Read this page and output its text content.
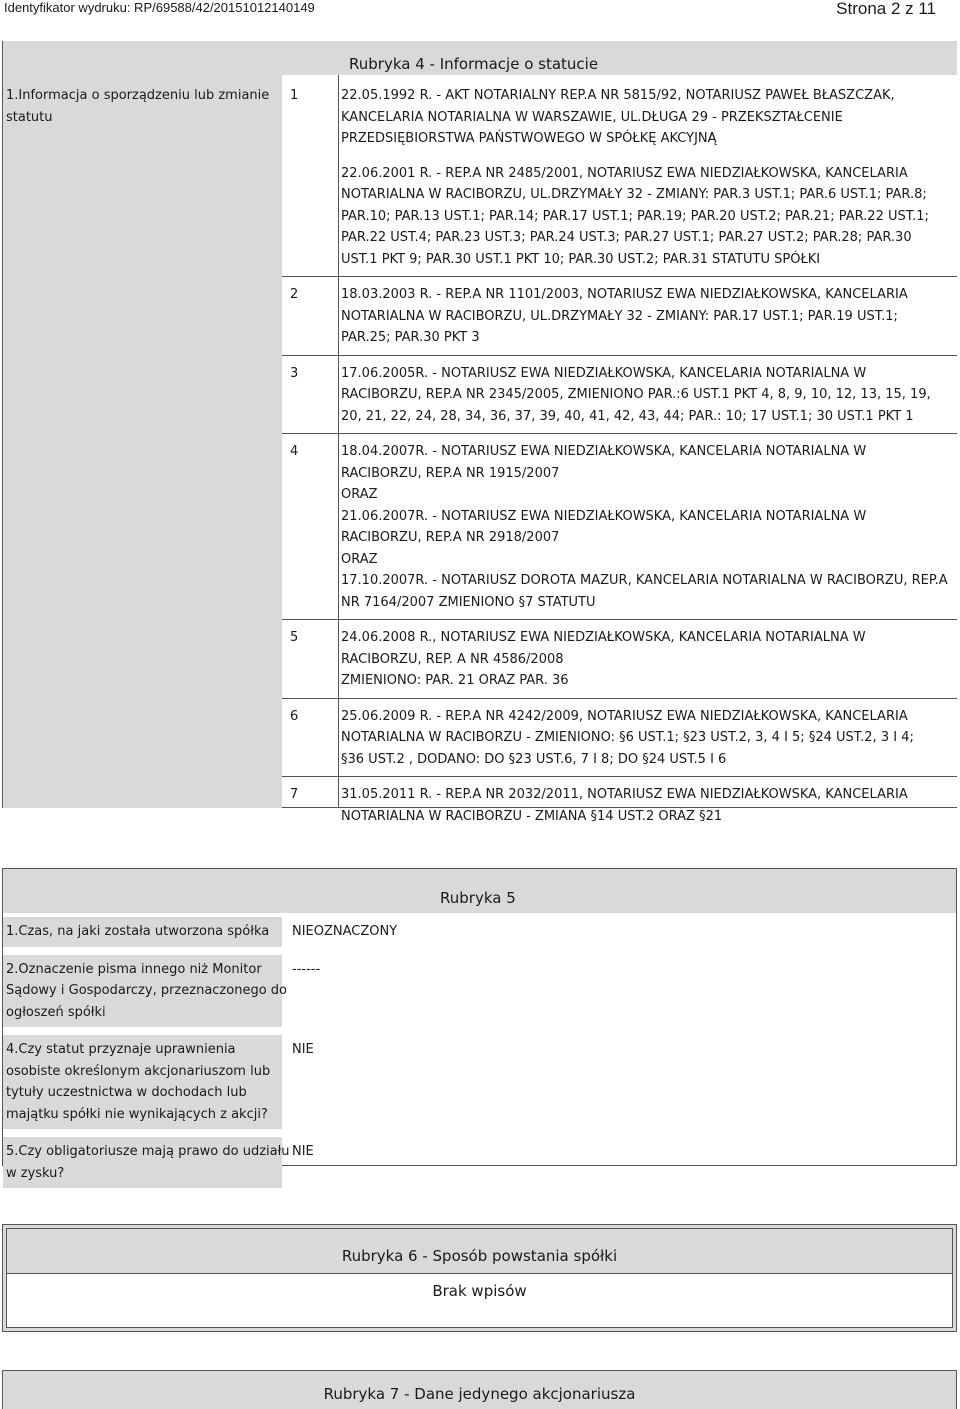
Identyfikator wydruku: RP/69588/42/20151012140149	Strona 2 z 11
Rubryka 4 - Informacje o statucie
1.Informacja o sporządzeniu lub zmianie
statutu
1
2
3
4
5
6
7
22.05.1992 R. - AKT NOTARIALNY REP.A NR 5815/92, NOTARIUSZ PAWEŁ BŁASZCZAK,
KANCELARIA NOTARIALNA W WARSZAWIE, UL.DŁUGA 29 - PRZEKSZTAŁCENIE
PRZEDSIĘBIORSTWA PAŃSTWOWEGO W SPÓŁKĘ AKCYJNĄ
22.06.2001 R. - REP.A NR 2485/2001, NOTARIUSZ EWA NIEDZIAŁKOWSKA, KANCELARIA
NOTARIALNA W RACIBORZU, UL.DRZYMAŁY 32 - ZMIANY: PAR.3 UST.1; PAR.6 UST.1; PAR.8;
PAR.10; PAR.13 UST.1; PAR.14; PAR.17 UST.1; PAR.19; PAR.20 UST.2; PAR.21; PAR.22 UST.1;
PAR.22 UST.4; PAR.23 UST.3; PAR.24 UST.3; PAR.27 UST.1; PAR.27 UST.2; PAR.28; PAR.30
UST.1 PKT 9; PAR.30 UST.1 PKT 10; PAR.30 UST.2; PAR.31 STATUTU SPÓŁKI
18.03.2003 R. - REP.A NR 1101/2003, NOTARIUSZ EWA NIEDZIAŁKOWSKA, KANCELARIA
NOTARIALNA W RACIBORZU, UL.DRZYMAŁY 32 - ZMIANY: PAR.17 UST.1; PAR.19 UST.1;
PAR.25; PAR.30 PKT 3
17.06.2005R. - NOTARIUSZ EWA NIEDZIAŁKOWSKA, KANCELARIA NOTARIALNA W
RACIBORZU, REP.A NR 2345/2005, ZMIENIONO PAR.:6 UST.1 PKT 4, 8, 9, 10, 12, 13, 15, 19,
20, 21, 22, 24, 28, 34, 36, 37, 39, 40, 41, 42, 43, 44; PAR.: 10; 17 UST.1; 30 UST.1 PKT 1
18.04.2007R. - NOTARIUSZ EWA NIEDZIAŁKOWSKA, KANCELARIA NOTARIALNA W
RACIBORZU, REP.A NR 1915/2007
ORAZ
21.06.2007R. - NOTARIUSZ EWA NIEDZIAŁKOWSKA, KANCELARIA NOTARIALNA W
RACIBORZU, REP.A NR 2918/2007
ORAZ
17.10.2007R. - NOTARIUSZ DOROTA MAZUR, KANCELARIA NOTARIALNA W RACIBORZU, REP.A
NR 7164/2007 ZMIENIONO §7 STATUTU
24.06.2008 R., NOTARIUSZ EWA NIEDZIAŁKOWSKA, KANCELARIA NOTARIALNA W
RACIBORZU, REP. A NR 4586/2008
ZMIENIONO: PAR. 21 ORAZ PAR. 36
25.06.2009 R. - REP.A NR 4242/2009, NOTARIUSZ EWA NIEDZIAŁKOWSKA, KANCELARIA
NOTARIALNA W RACIBORZU - ZMIENIONO: §6 UST.1; §23 UST.2, 3, 4 I 5; §24 UST.2, 3 I 4;
§36 UST.2 , DODANO: DO §23 UST.6, 7 I 8; DO §24 UST.5 I 6
31.05.2011 R. - REP.A NR 2032/2011, NOTARIUSZ EWA NIEDZIAŁKOWSKA, KANCELARIA
NOTARIALNA W RACIBORZU - ZMIANA §14 UST.2 ORAZ §21
Rubryka 5
1.Czas, na jaki została utworzona spółka NIEOZNACZONY
2.Oznaczenie pisma innego niż Monitor
Sądowy i Gospodarczy, przeznaczonego do
ogłoszeń spółki
------
4.Czy statut przyznaje uprawnienia
osobiste określonym akcjonariuszom lub
tytuły uczestnictwa w dochodach lub
majątku spółki nie wynikających z akcji?
NIE
5.Czy obligatoriusze mają prawo do udziału
w zysku?
NIE
Rubryka 6 - Sposób powstania spółki
Brak wpisów
Rubryka 7 - Dane jedynego akcjonariusza
